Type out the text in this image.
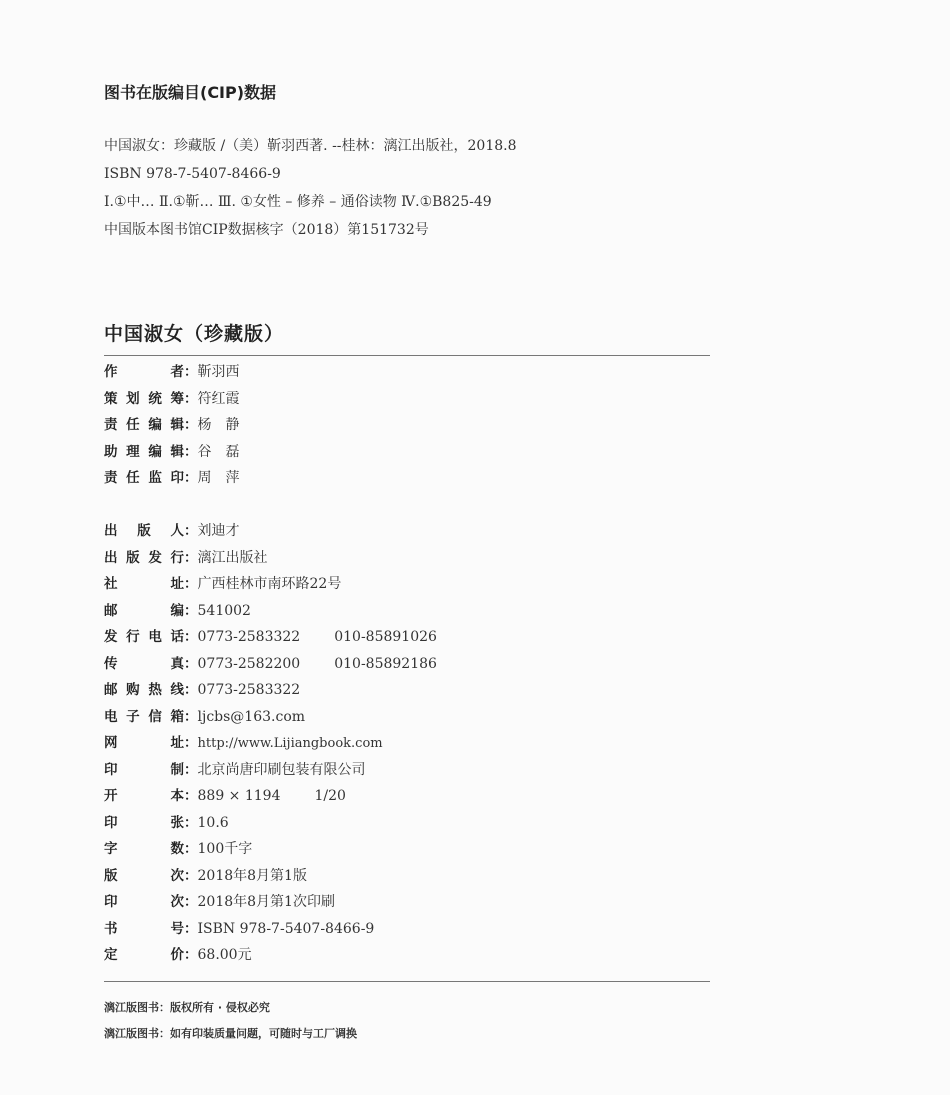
图书在版编目(CIP)数据
中国淑女：珍藏版 /（美）靳羽西著. --桂林：漓江出版社，2018.8
ISBN 978-7-5407-8466-9
Ⅰ.①中… Ⅱ.①靳… Ⅲ. ①女性 – 修养 – 通俗读物 Ⅳ.①B825-49
中国版本图书馆CIP数据核字（2018）第151732号
中国淑女（珍藏版）
作者：靳羽西
策划统筹：符红霞
责任编辑：杨　静
助理编辑：谷　磊
责任监印：周　萍
出版人：刘迪才
出版发行：漓江出版社
社址：广西桂林市南环路22号
邮编：541002
发行电话：0773-2583322 010-85891026
传真：0773-2582200 010-85892186
邮购热线：0773-2583322
电子信箱：ljcbs@163.com
网址：http://www.Lijiangbook.com
印制：北京尚唐印刷包装有限公司
开本：889 × 1194 1/20
印张：10.6
字数：100千字
版次：2018年8月第1版
印次：2018年8月第1次印刷
书号：ISBN 978-7-5407-8466-9
定价：68.00元
漓江版图书：版权所有 · 侵权必究
漓江版图书：如有印装质量问题，可随时与工厂调换
